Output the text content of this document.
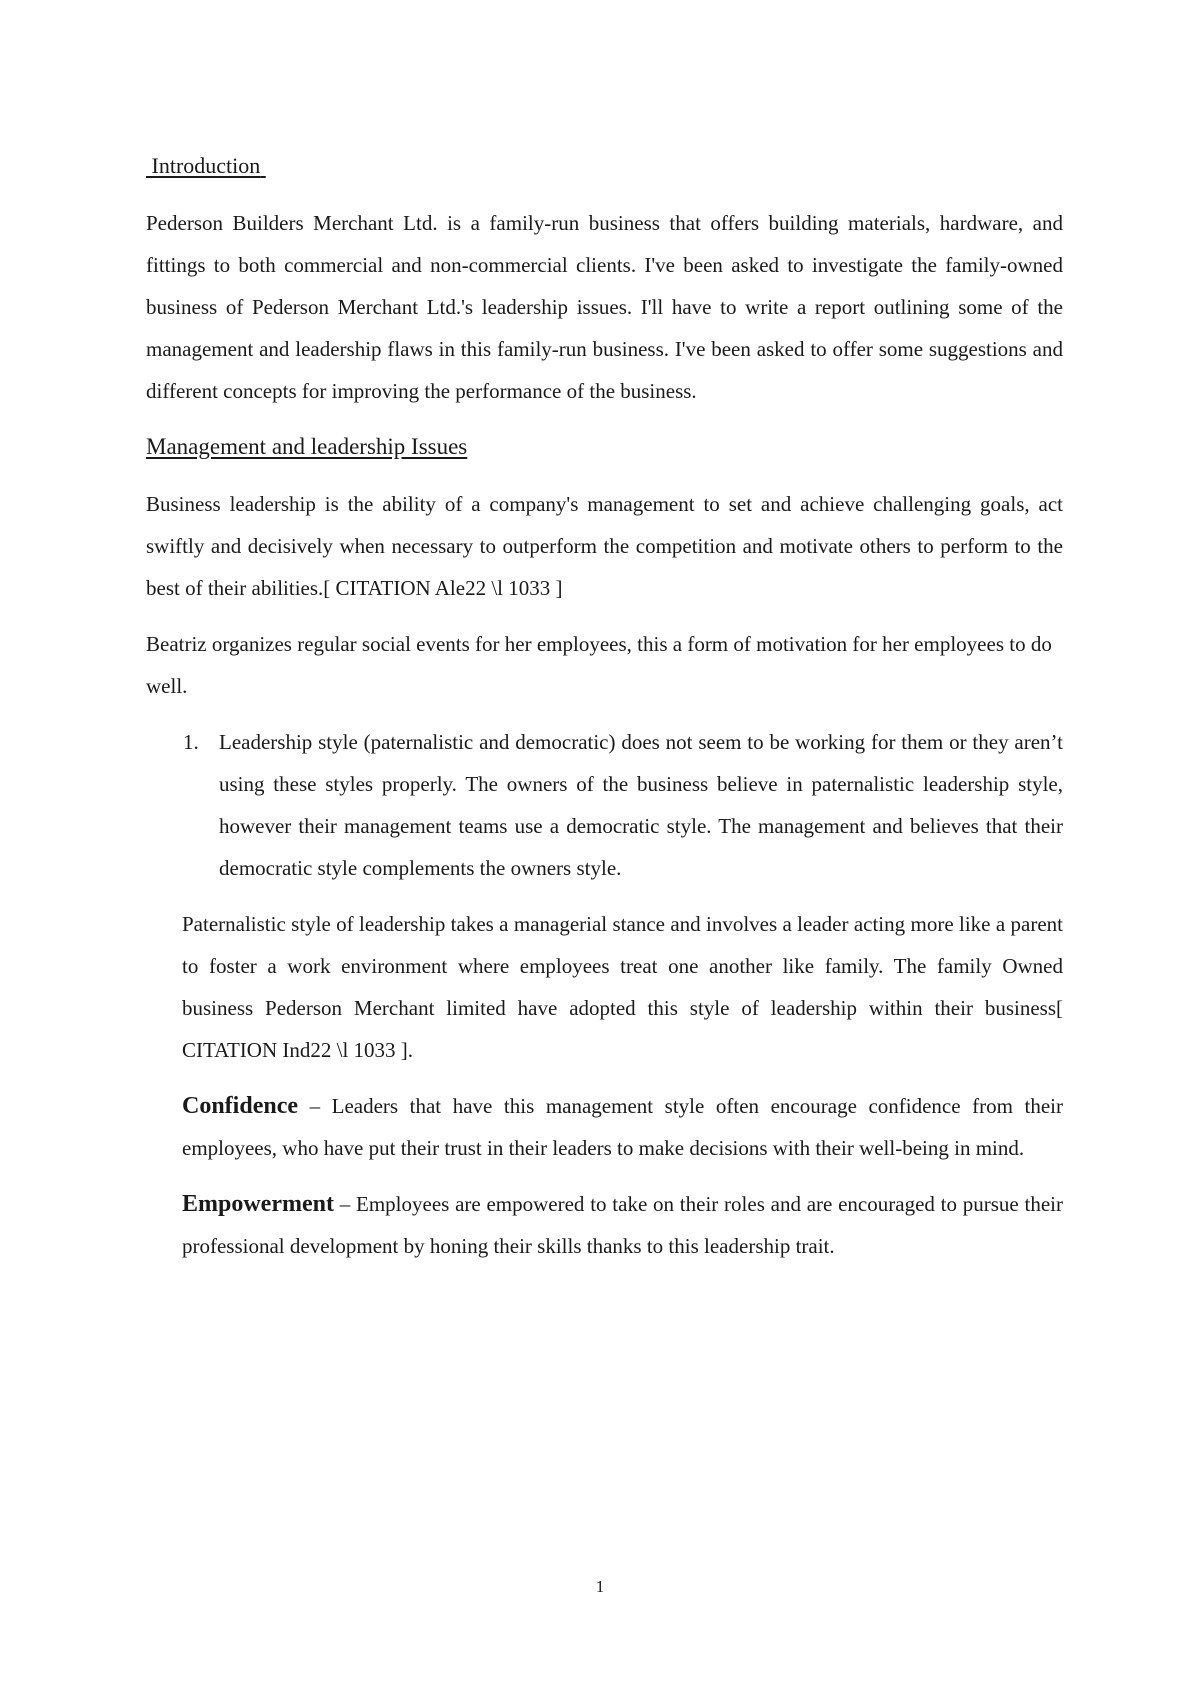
Introduction

Pederson Builders Merchant Ltd. is a family-run business that offers building materials, hardware, and fittings to both commercial and non-commercial clients. I've been asked to investigate the family-owned business of Pederson Merchant Ltd.'s leadership issues. I'll have to write a report outlining some of the management and leadership flaws in this family-run business. I've been asked to offer some suggestions and different concepts for improving the performance of the business.

Management and leadership Issues

Business leadership is the ability of a company's management to set and achieve challenging goals, act swiftly and decisively when necessary to outperform the competition and motivate others to perform to the best of their abilities.[ CITATION Ale22 \l 1033 ]

Beatriz organizes regular social events for her employees, this a form of motivation for her employees to do well.

1. Leadership style (paternalistic and democratic) does not seem to be working for them or they aren’t using these styles properly. The owners of the business believe in paternalistic leadership style, however their management teams use a democratic style. The management and believes that their democratic style complements the owners style.

Paternalistic style of leadership takes a managerial stance and involves a leader acting more like a parent to foster a work environment where employees treat one another like family. The family Owned business Pederson Merchant limited have adopted this style of leadership within their business[ CITATION Ind22 \l 1033 ].

Confidence – Leaders that have this management style often encourage confidence from their employees, who have put their trust in their leaders to make decisions with their well-being in mind.

Empowerment – Employees are empowered to take on their roles and are encouraged to pursue their professional development by honing their skills thanks to this leadership trait.

1
